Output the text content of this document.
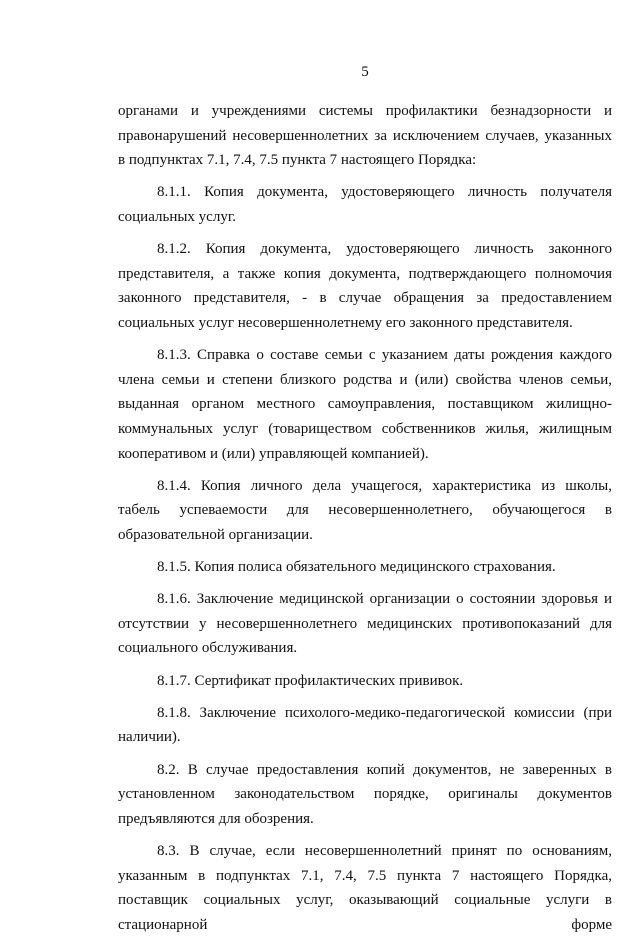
5

органами и учреждениями системы профилактики безнадзорности и правонарушений несовершеннолетних за исключением случаев, указанных в подпунктах 7.1, 7.4, 7.5 пункта 7 настоящего Порядка:

8.1.1. Копия документа, удостоверяющего личность получателя социальных услуг.

8.1.2. Копия документа, удостоверяющего личность законного представителя, а также копия документа, подтверждающего полномочия законного представителя, - в случае обращения за предоставлением социальных услуг несовершеннолетнему его законного представителя.

8.1.3. Справка о составе семьи с указанием даты рождения каждого члена семьи и степени близкого родства и (или) свойства членов семьи, выданная органом местного самоуправления, поставщиком жилищно-коммунальных услуг (товариществом собственников жилья, жилищным кооперативом и (или) управляющей компанией).

8.1.4. Копия личного дела учащегося, характеристика из школы, табель успеваемости для несовершеннолетнего, обучающегося в образовательной организации.

8.1.5. Копия полиса обязательного медицинского страхования.

8.1.6. Заключение медицинской организации о состоянии здоровья и отсутствии у несовершеннолетнего медицинских противопоказаний для социального обслуживания.

8.1.7. Сертификат профилактических прививок.

8.1.8. Заключение психолого-медико-педагогической комиссии (при наличии).

8.2. В случае предоставления копий документов, не заверенных в установленном законодательством порядке, оригиналы документов предъявляются для обозрения.

8.3. В случае, если несовершеннолетний принят по основаниям, указанным в подпунктах 7.1, 7.4, 7.5 пункта 7 настоящего Порядка, поставщик социальных услуг, оказывающий социальные услуги в стационарной форме
